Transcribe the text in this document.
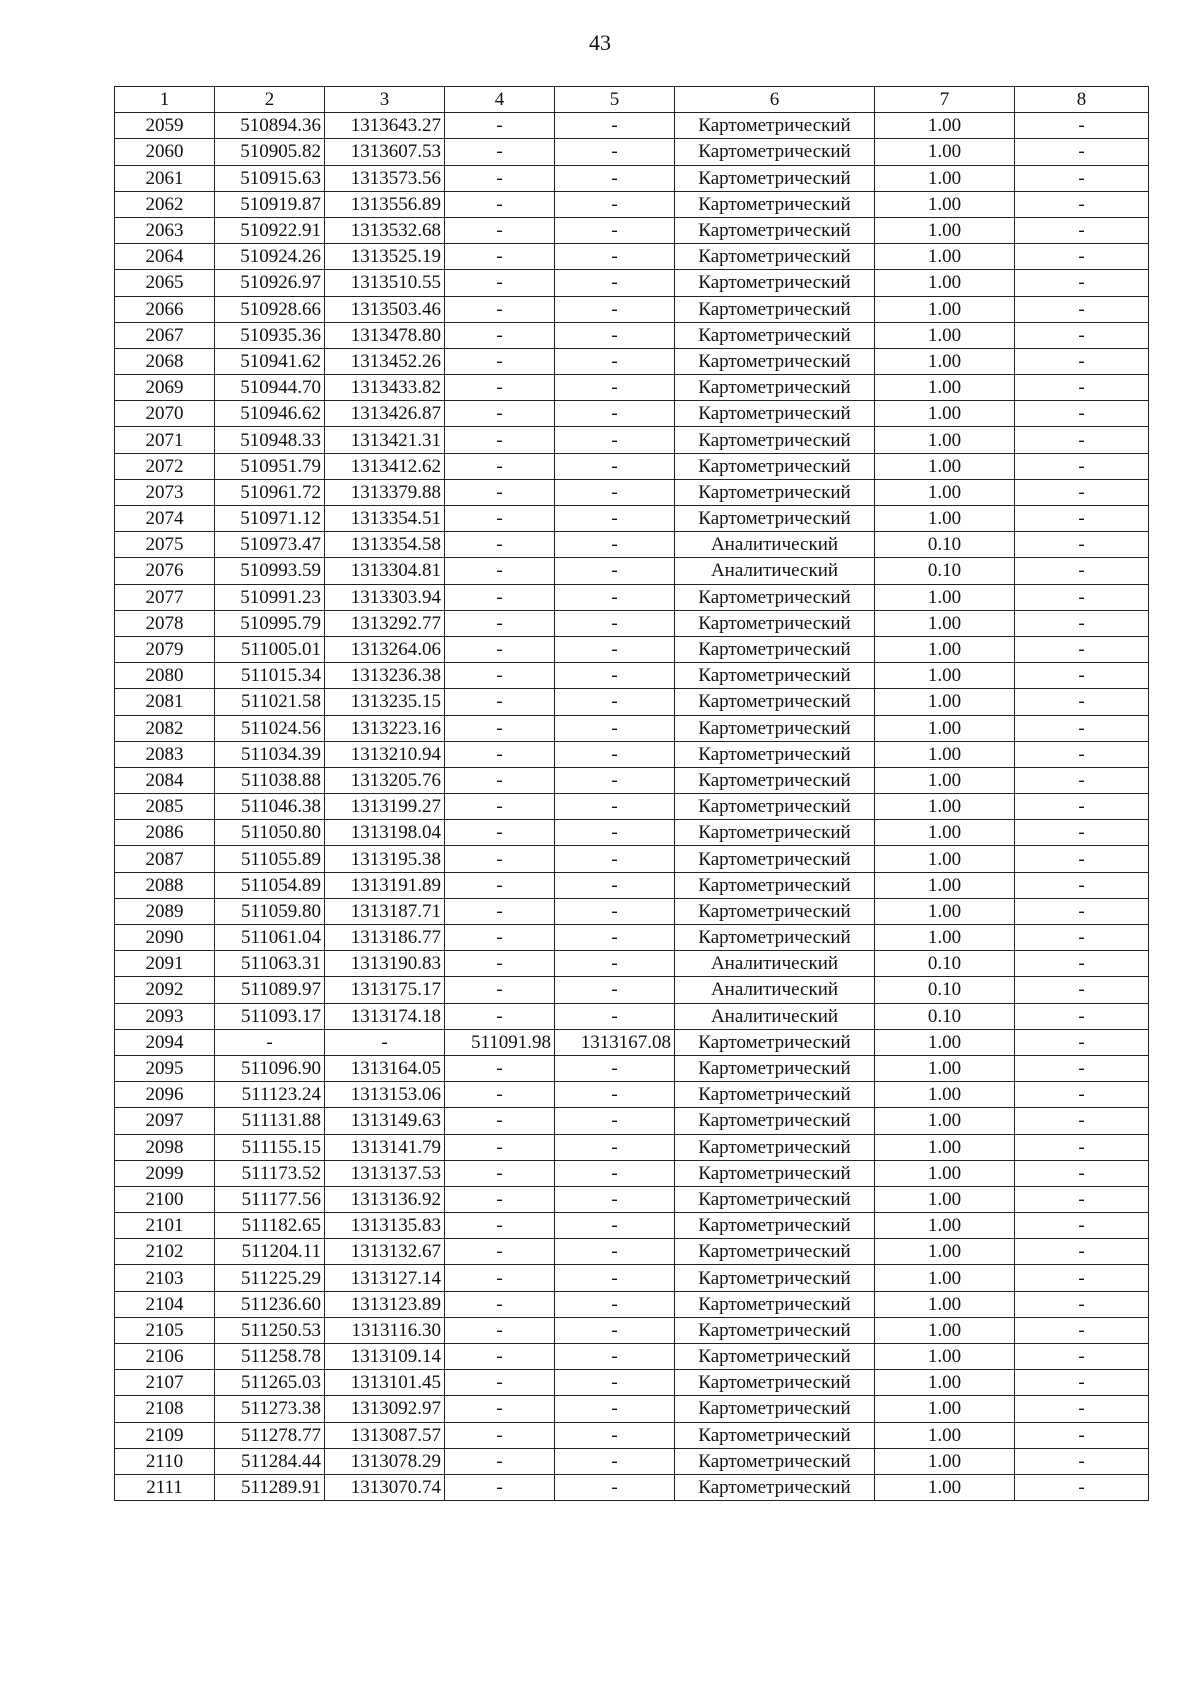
43
1	2	3	4	5	6	7	8
2059	510894.36	1313643.27	-	-	Картометрический	1.00	-
2060	510905.82	1313607.53	-	-	Картометрический	1.00	-
2061	510915.63	1313573.56	-	-	Картометрический	1.00	-
2062	510919.87	1313556.89	-	-	Картометрический	1.00	-
2063	510922.91	1313532.68	-	-	Картометрический	1.00	-
2064	510924.26	1313525.19	-	-	Картометрический	1.00	-
2065	510926.97	1313510.55	-	-	Картометрический	1.00	-
2066	510928.66	1313503.46	-	-	Картометрический	1.00	-
2067	510935.36	1313478.80	-	-	Картометрический	1.00	-
2068	510941.62	1313452.26	-	-	Картометрический	1.00	-
2069	510944.70	1313433.82	-	-	Картометрический	1.00	-
2070	510946.62	1313426.87	-	-	Картометрический	1.00	-
2071	510948.33	1313421.31	-	-	Картометрический	1.00	-
2072	510951.79	1313412.62	-	-	Картометрический	1.00	-
2073	510961.72	1313379.88	-	-	Картометрический	1.00	-
2074	510971.12	1313354.51	-	-	Картометрический	1.00	-
2075	510973.47	1313354.58	-	-	Аналитический	0.10	-
2076	510993.59	1313304.81	-	-	Аналитический	0.10	-
2077	510991.23	1313303.94	-	-	Картометрический	1.00	-
2078	510995.79	1313292.77	-	-	Картометрический	1.00	-
2079	511005.01	1313264.06	-	-	Картометрический	1.00	-
2080	511015.34	1313236.38	-	-	Картометрический	1.00	-
2081	511021.58	1313235.15	-	-	Картометрический	1.00	-
2082	511024.56	1313223.16	-	-	Картометрический	1.00	-
2083	511034.39	1313210.94	-	-	Картометрический	1.00	-
2084	511038.88	1313205.76	-	-	Картометрический	1.00	-
2085	511046.38	1313199.27	-	-	Картометрический	1.00	-
2086	511050.80	1313198.04	-	-	Картометрический	1.00	-
2087	511055.89	1313195.38	-	-	Картометрический	1.00	-
2088	511054.89	1313191.89	-	-	Картометрический	1.00	-
2089	511059.80	1313187.71	-	-	Картометрический	1.00	-
2090	511061.04	1313186.77	-	-	Картометрический	1.00	-
2091	511063.31	1313190.83	-	-	Аналитический	0.10	-
2092	511089.97	1313175.17	-	-	Аналитический	0.10	-
2093	511093.17	1313174.18	-	-	Аналитический	0.10	-
2094	-	-	511091.98	1313167.08	Картометрический	1.00	-
2095	511096.90	1313164.05	-	-	Картометрический	1.00	-
2096	511123.24	1313153.06	-	-	Картометрический	1.00	-
2097	511131.88	1313149.63	-	-	Картометрический	1.00	-
2098	511155.15	1313141.79	-	-	Картометрический	1.00	-
2099	511173.52	1313137.53	-	-	Картометрический	1.00	-
2100	511177.56	1313136.92	-	-	Картометрический	1.00	-
2101	511182.65	1313135.83	-	-	Картометрический	1.00	-
2102	511204.11	1313132.67	-	-	Картометрический	1.00	-
2103	511225.29	1313127.14	-	-	Картометрический	1.00	-
2104	511236.60	1313123.89	-	-	Картометрический	1.00	-
2105	511250.53	1313116.30	-	-	Картометрический	1.00	-
2106	511258.78	1313109.14	-	-	Картометрический	1.00	-
2107	511265.03	1313101.45	-	-	Картометрический	1.00	-
2108	511273.38	1313092.97	-	-	Картометрический	1.00	-
2109	511278.77	1313087.57	-	-	Картометрический	1.00	-
2110	511284.44	1313078.29	-	-	Картометрический	1.00	-
2111	511289.91	1313070.74	-	-	Картометрический	1.00	-
